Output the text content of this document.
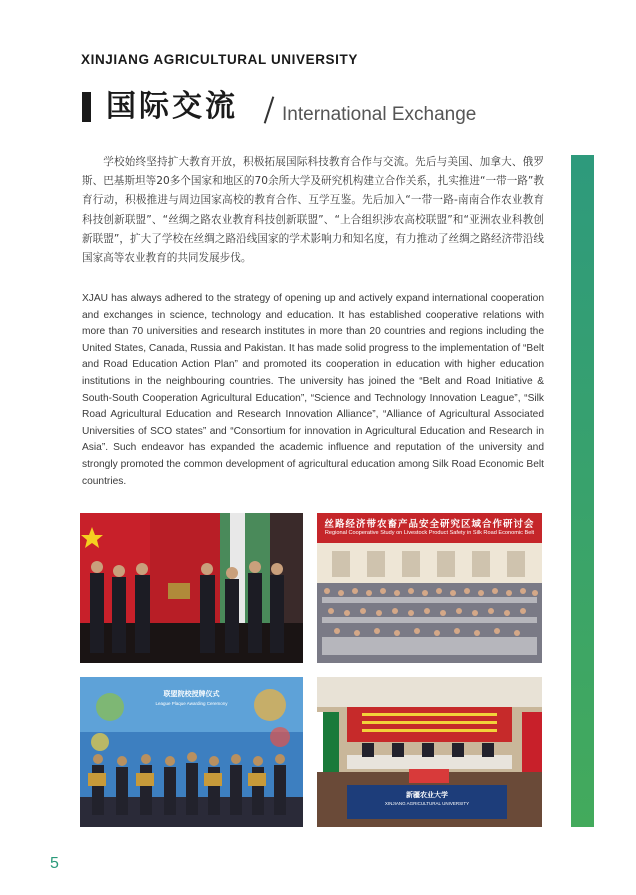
XINJIANG AGRICULTURAL UNIVERSITY
国际交流 International Exchange

学校始终坚持扩大教育开放，积极拓展国际科技教育合作与交流。先后与美国、加拿大、俄罗斯、巴基斯坦等20多个国家和地区的70余所大学及研究机构建立合作关系，扎实推进“一带一路”教育行动，积极推进与周边国家高校的教育合作、互学互鉴。先后加入“一带一路-南南合作农业教育科技创新联盟”、“丝绸之路农业教育科技创新联盟”、“上合组织涉农高校联盟”和“亚洲农业科教创新联盟”，扩大了学校在丝绸之路沿线国家的学术影响力和知名度，有力推动了丝绸之路经济带沿线国家高等农业教育的共同发展步伐。

XJAU has always adhered to the strategy of opening up and actively expand international cooperation and exchanges in science, technology and education. It has established cooperative relations with more than 70 universities and research institutes in more than 20 countries and regions including the United States, Canada, Russia and Pakistan. It has made solid progress to the implementation of “Belt and Road Education Action Plan” and promoted its cooperation in education with higher education institutions in the neighbouring countries. The university has joined the “Belt and Road Initiative & South-South Cooperation Agricultural Education”, “Science and Technology Innovation League”, “Silk Road Agricultural Education and Research Innovation Alliance”, “Alliance of Agricultural Associated Universities of SCO states” and “Consortium for innovation in Agricultural Education and Research in Asia”. Such endeavor has expanded the academic influence and reputation of the university and strongly promoted the common development of agricultural education among Silk Road Economic Belt countries.

丝路经济带农畜产品安全研究区域合作研讨会
Regional Cooperative Study on Livestock Product Safety in Silk Road Economic Belt
联盟院校授牌仪式
League Plaque Awarding Ceremony
新疆农业大学
XINJIANG AGRICULTURAL UNIVERSITY
5
